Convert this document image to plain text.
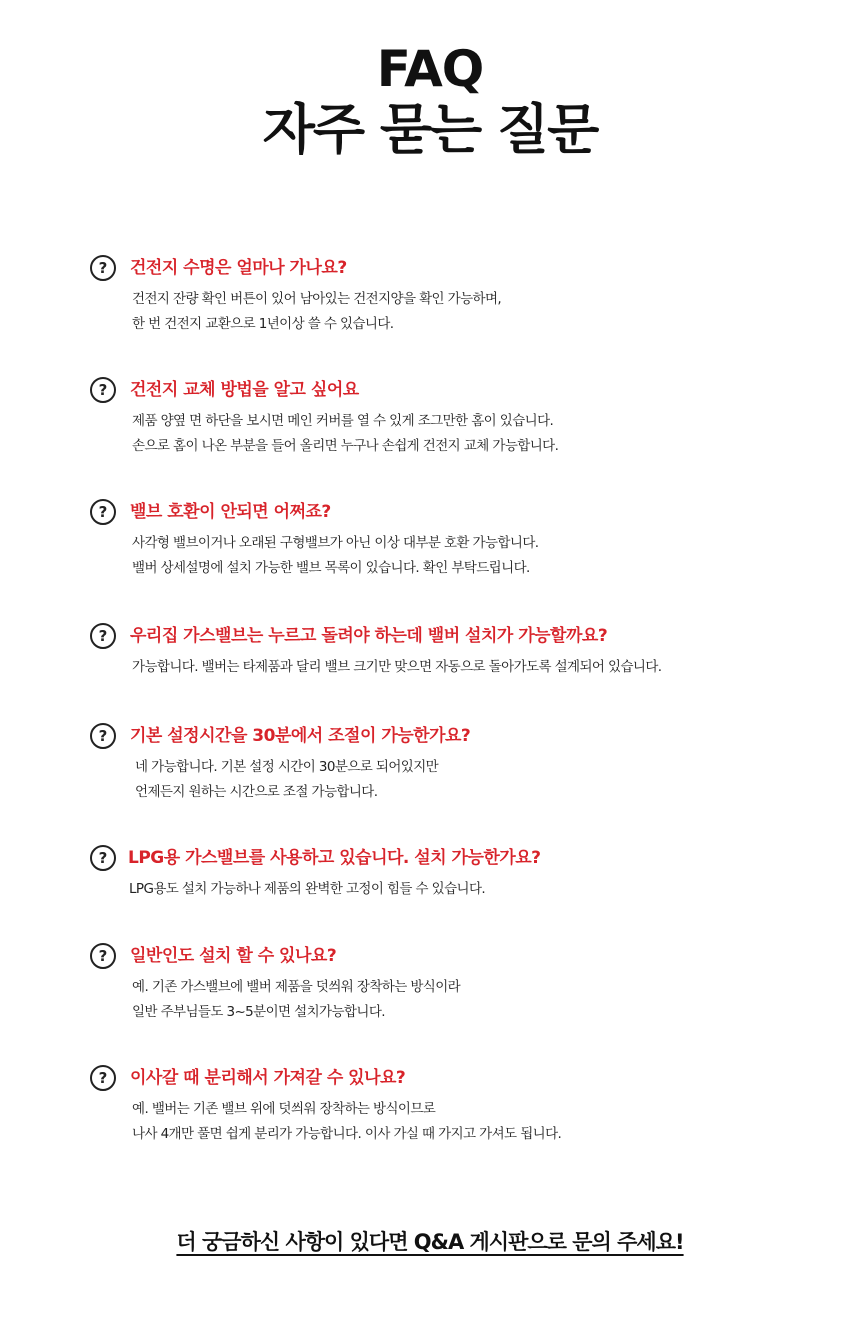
FAQ
자주 묻는 질문
?	건전지 수명은 얼마나 가나요?
건전지 잔량 확인 버튼이 있어 남아있는 건전지양을 확인 가능하며,
한 번 건전지 교환으로 1년이상 쓸 수 있습니다.
?	건전지 교체 방법을 알고 싶어요
제품 양옆 면 하단을 보시면 메인 커버를 열 수 있게 조그만한 홈이 있습니다.
손으로 홈이 나온 부분을 들어 올리면 누구나 손쉽게 건전지 교체 가능합니다.
?	밸브 호환이 안되면 어쩌죠?
사각형 밸브이거나 오래된 구형밸브가 아닌 이상 대부분 호환 가능합니다.
밸버 상세설명에 설치 가능한 밸브 목록이 있습니다. 확인 부탁드립니다.
?	우리집 가스밸브는 누르고 돌려야 하는데 밸버 설치가 가능할까요?
가능합니다. 밸버는 타제품과 달리 밸브 크기만 맞으면 자동으로 돌아가도록 설계되어 있습니다.
?	기본 설정시간을 30분에서 조절이 가능한가요?
네 가능합니다. 기본 설정 시간이 30분으로 되어있지만
언제든지 원하는 시간으로 조절 가능합니다.
?	LPG용 가스밸브를 사용하고 있습니다. 설치 가능한가요?
LPG용도 설치 가능하나 제품의 완벽한 고정이 힘들 수 있습니다.
?	일반인도 설치 할 수 있나요?
예. 기존 가스밸브에 밸버 제품을 덧씌워 장착하는 방식이라
일반 주부님들도 3~5분이면 설치가능합니다.
?	이사갈 때 분리해서 가져갈 수 있나요?
예. 밸버는 기존 밸브 위에 덧씌워 장착하는 방식이므로
나사 4개만 풀면 쉽게 분리가 가능합니다. 이사 가실 때 가지고 가셔도 됩니다.
더 궁금하신 사항이 있다면 Q&A 게시판으로 문의 주세요!
